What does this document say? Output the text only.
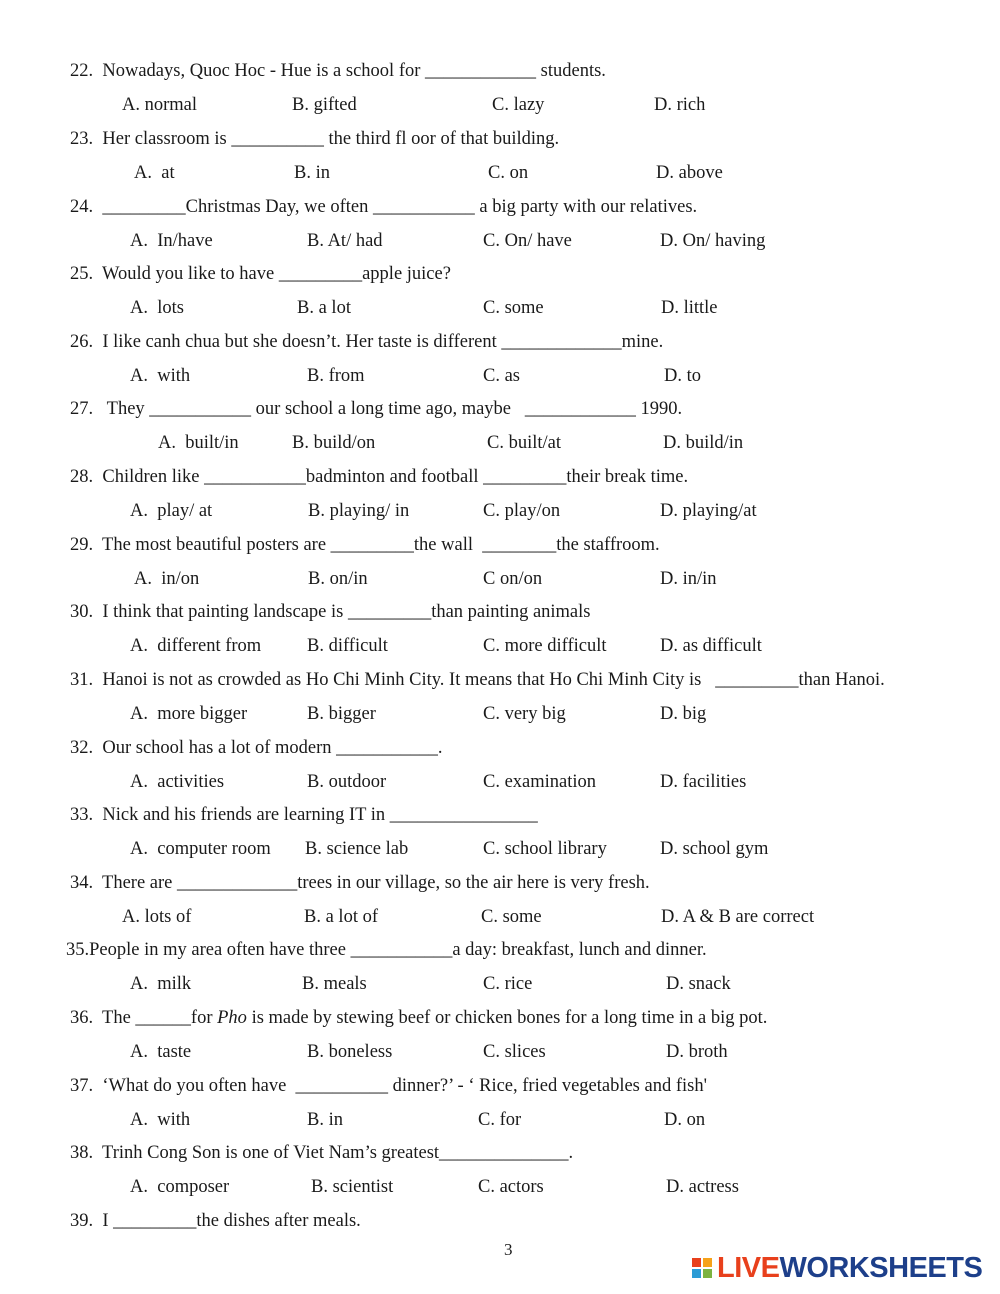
22.  Nowadays, Quoc Hoc - Hue is a school for ____________ students.
A. normal	B. gifted	C. lazy	D. rich
23.  Her classroom is __________ the third fl oor of that building.
A.  at	B. in	C. on	D. above
24.  _________Christmas Day, we often ___________ a big party with our relatives.
A.  In/have	B. At/ had	C. On/ have	D. On/ having
25.  Would you like to have _________apple juice?
A.  lots	B. a lot	C. some	D. little
26.  I like canh chua but she doesn’t. Her taste is different _____________mine.
A.  with	B. from	C. as	D. to
27.   They ___________ our school a long time ago, maybe   ____________ 1990.
A.  built/in	B. build/on	C. built/at	D. build/in
28.  Children like ___________badminton and football _________their break time.
A.  play/ at	B. playing/ in	C. play/on	D. playing/at
29.  The most beautiful posters are _________the wall  ________the staffroom.
A.  in/on	B. on/in	C on/on	D. in/in
30.  I think that painting landscape is _________than painting animals
A.  different from B. difficult	C. more difficult	D. as difficult
31.  Hanoi is not as crowded as Ho Chi Minh City. It means that Ho Chi Minh City is   _________than Hanoi.
A.  more bigger	B. bigger	C. very big	D. big
32.  Our school has a lot of modern ___________.
A.  activities	B. outdoor	C. examination	D. facilities
33.  Nick and his friends are learning IT in ________________
A.  computer room B. science lab	C. school library	D. school gym
34.  There are _____________trees in our village, so the air here is very fresh.
A. lots of	B. a lot of	C. some	D. A & B are correct
35.People in my area often have three ___________a day: breakfast, lunch and dinner.
A.  milk	B. meals	C. rice	D. snack
36.  The ______for Pho is made by stewing beef or chicken bones for a long time in a big pot.
A.  taste	B. boneless	C. slices	D. broth
37.  ‘What do you often have  __________ dinner?’ - ‘ Rice, fried vegetables and fish'
A.  with	B. in	C. for	D. on
38.  Trinh Cong Son is one of Viet Nam’s greatest______________.
A.  composer	B. scientist	C. actors	D. actress
39.  I _________the dishes after meals.
3
LIVEWORKSHEETS
